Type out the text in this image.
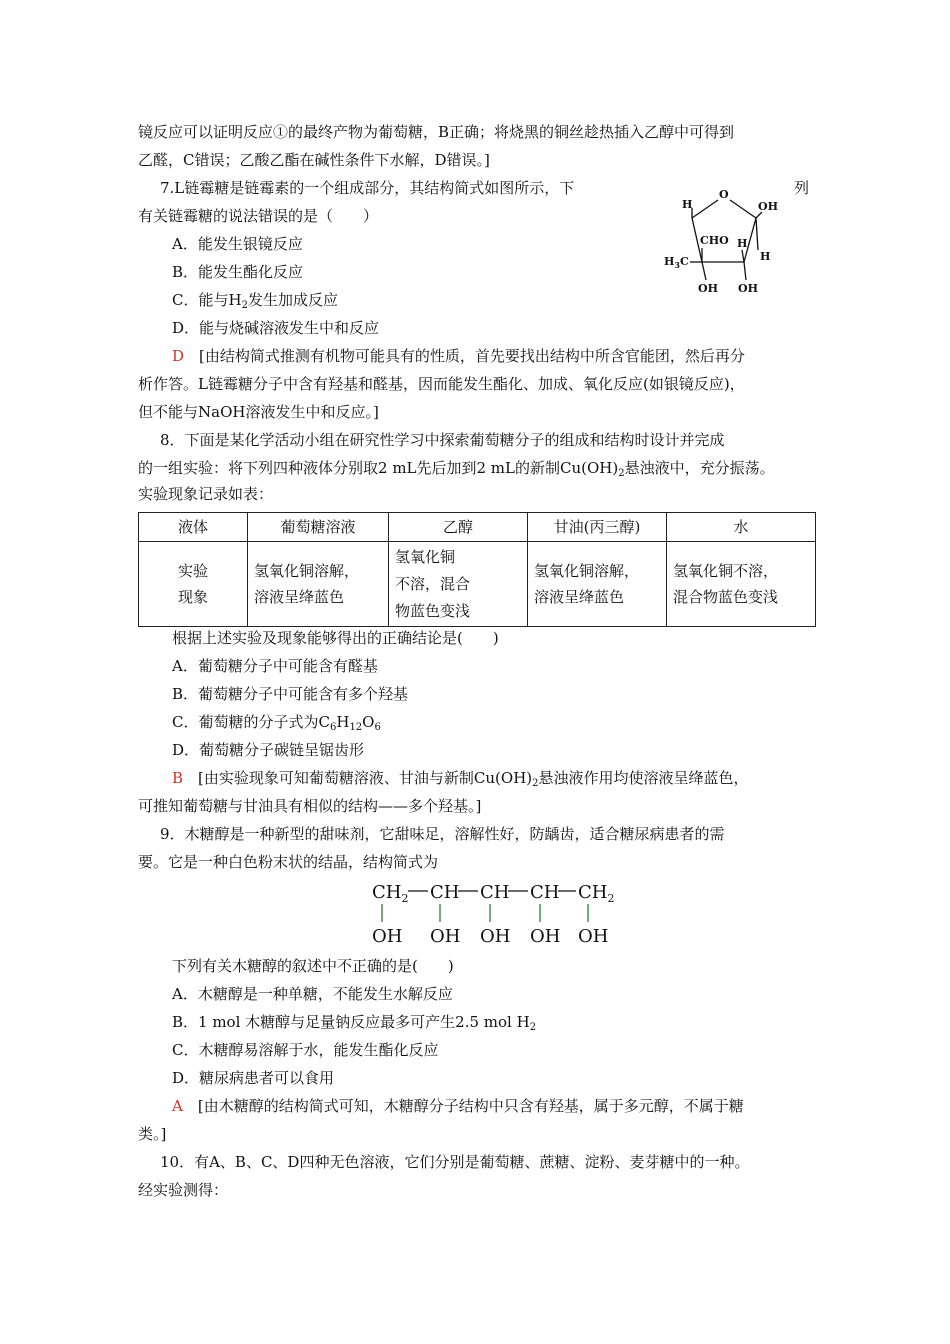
镜反应可以证明反应①的最终产物为葡萄糖，B正确；将烧黑的铜丝趁热插入乙醇中可得到
乙醛，C错误；乙酸乙酯在碱性条件下水解，D错误。]
7.L链霉糖是链霉素的一个组成部分，其结构简式如图所示，下	列
有关链霉糖的说法错误的是（　　）
A．能发生银镜反应
B．能发生酯化反应
C．能与$H_2$发生加成反应
D．能与烧碱溶液发生中和反应
D　 [由结构简式推测有机物可能具有的性质，首先要找出结构中所含官能团，然后再分
析作答。L链霉糖分子中含有羟基和醛基，因而能发生酯化、加成、氧化反应(如银镜反应)，
但不能与NaOH溶液发生中和反应。]
O
H	OH
CHO H
H
$H_3C$
OH OH
8．下面是某化学活动小组在研究性学习中探索葡萄糖分子的组成和结构时设计并完成
的一组实验：将下列四种液体分别取2 mL先后加到2 mL的新制$Cu(OH)_2$悬浊液中，充分振荡。
实验现象记录如表：
液体	葡萄糖溶液	乙醇	甘油(丙三醇)	水

实验
现象	氢氧化铜溶解，
溶液呈绛蓝色	氢氧化铜
不溶，混合
物蓝色变浅	氢氧化铜溶解，
溶液呈绛蓝色	氢氧化铜不溶，
混合物蓝色变浅
根据上述实验及现象能够得出的正确结论是(　　)
A．葡萄糖分子中可能含有醛基
B．葡萄糖分子中可能含有多个羟基
C．葡萄糖的分子式为$C_6H_{12}O_6$
D．葡萄糖分子碳链呈锯齿形
B　 [由实验现象可知葡萄糖溶液、甘油与新制$Cu(OH)_2$悬浊液作用均使溶液呈绛蓝色，
可推知葡萄糖与甘油具有相似的结构——多个羟基。]
9．木糖醇是一种新型的甜味剂，它甜味足，溶解性好，防龋齿，适合糖尿病患者的需
要。它是一种白色粉末状的结晶，结构简式为
$CH_2$ CH CH CH $CH_2$
OH OH OH OH OH
下列有关木糖醇的叙述中不正确的是(　　)
A．木糖醇是一种单糖，不能发生水解反应
B．1 mol 木糖醇与足量钠反应最多可产生2.5 mol $H_2$
C．木糖醇易溶解于水，能发生酯化反应
D．糖尿病患者可以食用
A　 [由木糖醇的结构简式可知，木糖醇分子结构中只含有羟基，属于多元醇，不属于糖
类。]
10．有A、B、C、D四种无色溶液，它们分别是葡萄糖、蔗糖、淀粉、麦芽糖中的一种。
经实验测得：
